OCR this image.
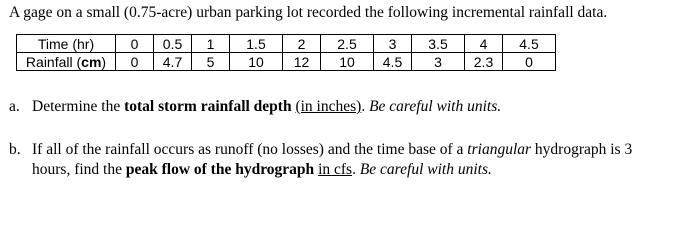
A gage on a small (0.75-acre) urban parking lot recorded the following incremental rainfall data.
Time (hr)	0	0.5	1	1.5	2	2.5	3	3.5	4	4.5
Rainfall (cm)	0	4.7	5	10	12	10	4.5	3	2.3	0
a. Determine the total storm rainfall depth (in inches). Be careful with units.
b. If all of the rainfall occurs as runoff (no losses) and the time base of a triangular hydrograph is 3
hours, find the peak flow of the hydrograph in cfs. Be careful with units.
